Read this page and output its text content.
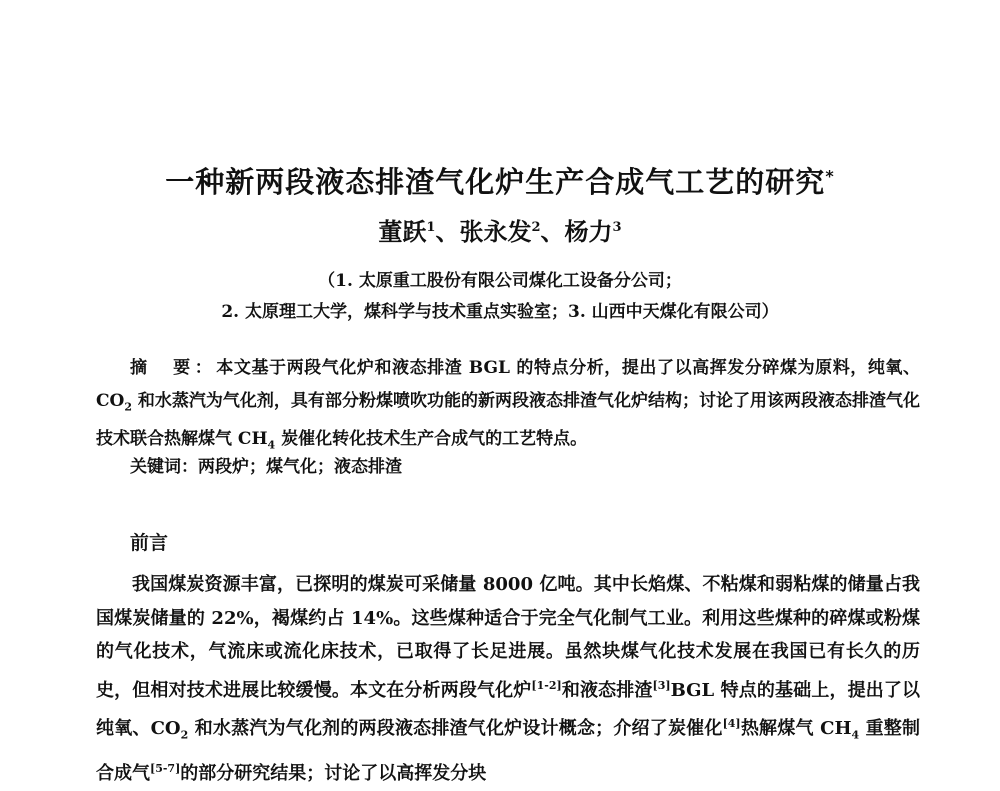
一种新两段液态排渣气化炉生产合成气工艺的研究*
董跃$^1$、张永发$^2$、杨力$^3$
（1. 太原重工股份有限公司煤化工设备分公司；
2. 太原理工大学，煤科学与技术重点实验室；3. 山西中天煤化有限公司）
摘　要：本文基于两段气化炉和液态排渣 BGL 的特点分析，提出了以高挥发分碎煤为原料，纯氧、$CO_2$ 和水蒸汽为气化剂，具有部分粉煤喷吹功能的新两段液态排渣气化炉结构；讨论了用该两段液态排渣气化技术联合热解煤气 $CH_4$ 炭催化转化技术生产合成气的工艺特点。
关键词：两段炉；煤气化；液态排渣
前言
我国煤炭资源丰富，已探明的煤炭可采储量 8000 亿吨。其中长焰煤、不粘煤和弱粘煤的储量占我国煤炭储量的 22%，褐煤约占 14%。这些煤种适合于完全气化制气工业。利用这些煤种的碎煤或粉煤的气化技术，气流床或流化床技术，已取得了长足进展。虽然块煤气化技术发展在我国已有长久的历史，但相对技术进展比较缓慢。本文在分析两段气化炉[1-2]和液态排渣[3]BGL 特点的基础上，提出了以纯氧、$CO_2$ 和水蒸汽为气化剂的两段液态排渣气化炉设计概念；介绍了炭催化[4]热解煤气 $CH_4$ 重整制合成气[5-7]的部分研究结果；讨论了以高挥发分块
